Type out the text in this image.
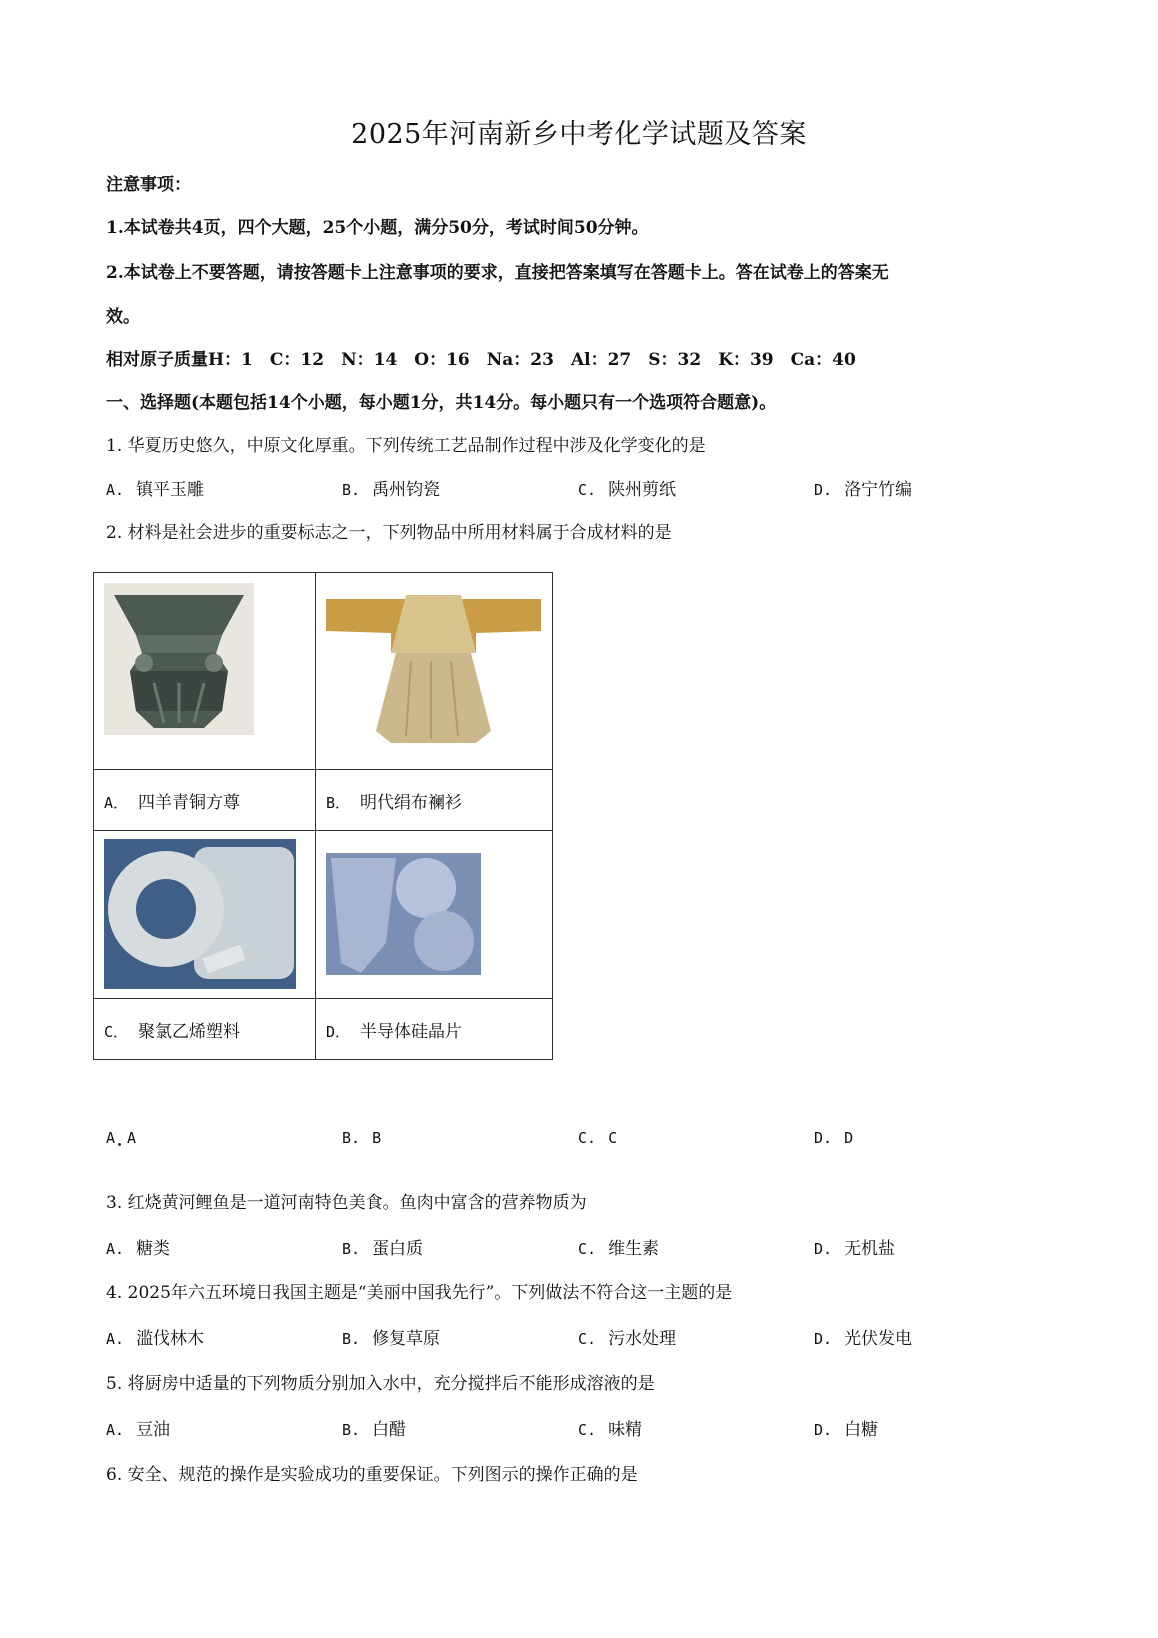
2025年河南新乡中考化学试题及答案
注意事项：
1.本试卷共4页，四个大题，25个小题，满分50分，考试时间50分钟。
2.本试卷上不要答题，请按答题卡上注意事项的要求，直接把答案填写在答题卡上。答在试卷上的答案无
效。
相对原子质量H：1　C：12　N：14　O：16　Na：23　Al：27　S：32　K：39　Ca：40
一、选择题(本题包括14个小题，每小题1分，共14分。每小题只有一个选项符合题意)。
1. 华夏历史悠久，中原文化厚重。下列传统工艺品制作过程中涉及化学变化的是
A. 镇平玉雕	B. 禹州钧瓷	C. 陕州剪纸	D. 洛宁竹编
2. 材料是社会进步的重要标志之一，下列物品中所用材料属于合成材料的是

A． 四羊青铜方尊	B． 明代绢布襕衫

C． 聚氯乙烯塑料	D． 半导体硅晶片
A A	B. B	C. C	D. D
3. 红烧黄河鲤鱼是一道河南特色美食。鱼肉中富含的营养物质为
A. 糖类	B. 蛋白质	C. 维生素	D. 无机盐
4. 2025年六五环境日我国主题是“美丽中国我先行”。下列做法不符合这一主题的是
A. 滥伐林木	B. 修复草原	C. 污水处理	D. 光伏发电
5. 将厨房中适量的下列物质分别加入水中，充分搅拌后不能形成溶液的是
A. 豆油	B. 白醋	C. 味精	D. 白糖
6. 安全、规范的操作是实验成功的重要保证。下列图示的操作正确的是
